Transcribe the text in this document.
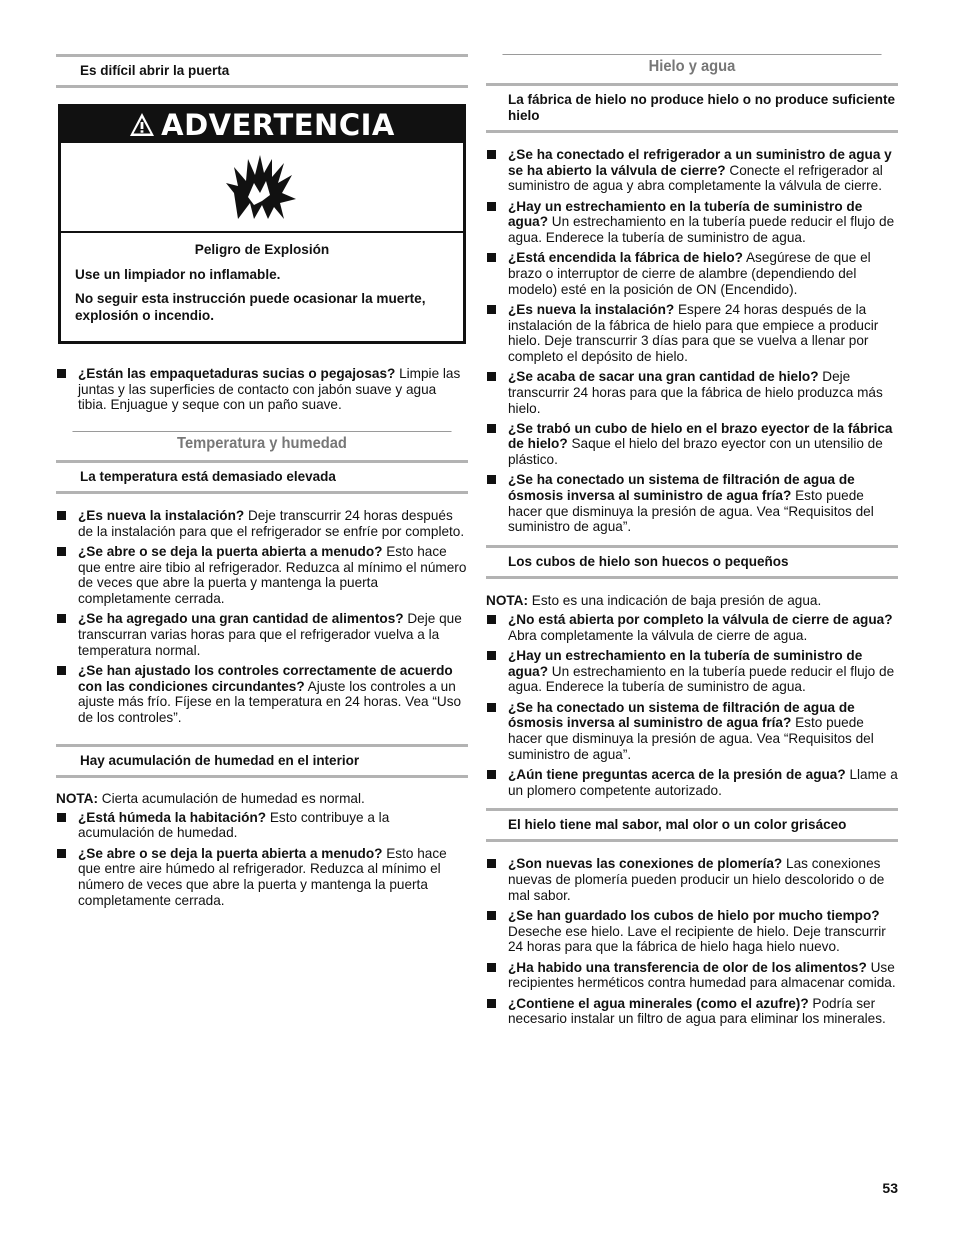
Es difícil abrir la puerta
ADVERTENCIA

Peligro de Explosión

Use un limpiador no inflamable.

No seguir esta instrucción puede ocasionar la muerte, explosión o incendio.

¿Están las empaquetaduras sucias o pegajosas? Limpie las juntas y las superficies de contacto con jabón suave y agua tibia. Enjuague y seque con un paño suave.
Temperatura y humedad
La temperatura está demasiado elevada
¿Es nueva la instalación? Deje transcurrir 24 horas después de la instalación para que el refrigerador se enfríe por completo.
¿Se abre o se deja la puerta abierta a menudo? Esto hace que entre aire tibio al refrigerador. Reduzca al mínimo el número de veces que abre la puerta y mantenga la puerta completamente cerrada.
¿Se ha agregado una gran cantidad de alimentos? Deje que transcurran varias horas para que el refrigerador vuelva a la temperatura normal.
¿Se han ajustado los controles correctamente de acuerdo con las condiciones circundantes? Ajuste los controles a un ajuste más frío. Fíjese en la temperatura en 24 horas. Vea “Uso de los controles”.
Hay acumulación de humedad en el interior

NOTA: Cierta acumulación de humedad es normal.

¿Está húmeda la habitación? Esto contribuye a la acumulación de humedad.
¿Se abre o se deja la puerta abierta a menudo? Esto hace que entre aire húmedo al refrigerador. Reduzca al mínimo el número de veces que abre la puerta y mantenga la puerta completamente cerrada.
Hielo y agua
La fábrica de hielo no produce hielo o no produce suficiente hielo
¿Se ha conectado el refrigerador a un suministro de agua y se ha abierto la válvula de cierre? Conecte el refrigerador al suministro de agua y abra completamente la válvula de cierre.
¿Hay un estrechamiento en la tubería de suministro de agua? Un estrechamiento en la tubería puede reducir el flujo de agua. Enderece la tubería de suministro de agua.
¿Está encendida la fábrica de hielo? Asegúrese de que el brazo o interruptor de cierre de alambre (dependiendo del modelo) esté en la posición de ON (Encendido).
¿Es nueva la instalación? Espere 24 horas después de la instalación de la fábrica de hielo para que empiece a producir hielo. Deje transcurrir 3 días para que se vuelva a llenar por completo el depósito de hielo.
¿Se acaba de sacar una gran cantidad de hielo? Deje transcurrir 24 horas para que la fábrica de hielo produzca más hielo.
¿Se trabó un cubo de hielo en el brazo eyector de la fábrica de hielo? Saque el hielo del brazo eyector con un utensilio de plástico.
¿Se ha conectado un sistema de filtración de agua de ósmosis inversa al suministro de agua fría? Esto puede hacer que disminuya la presión de agua. Vea “Requisitos del suministro de agua”.
Los cubos de hielo son huecos o pequeños

NOTA: Esto es una indicación de baja presión de agua.

¿No está abierta por completo la válvula de cierre de agua? Abra completamente la válvula de cierre de agua.
¿Hay un estrechamiento en la tubería de suministro de agua? Un estrechamiento en la tubería puede reducir el flujo de agua. Enderece la tubería de suministro de agua.
¿Se ha conectado un sistema de filtración de agua de ósmosis inversa al suministro de agua fría? Esto puede hacer que disminuya la presión de agua. Vea “Requisitos del suministro de agua”.
¿Aún tiene preguntas acerca de la presión de agua? Llame a un plomero competente autorizado.
El hielo tiene mal sabor, mal olor o un color grisáceo
¿Son nuevas las conexiones de plomería? Las conexiones nuevas de plomería pueden producir un hielo descolorido o de mal sabor.
¿Se han guardado los cubos de hielo por mucho tiempo? Deseche ese hielo. Lave el recipiente de hielo. Deje transcurrir 24 horas para que la fábrica de hielo haga hielo nuevo.
¿Ha habido una transferencia de olor de los alimentos? Use recipientes herméticos contra humedad para almacenar comida.
¿Contiene el agua minerales (como el azufre)? Podría ser necesario instalar un filtro de agua para eliminar los minerales.
53
